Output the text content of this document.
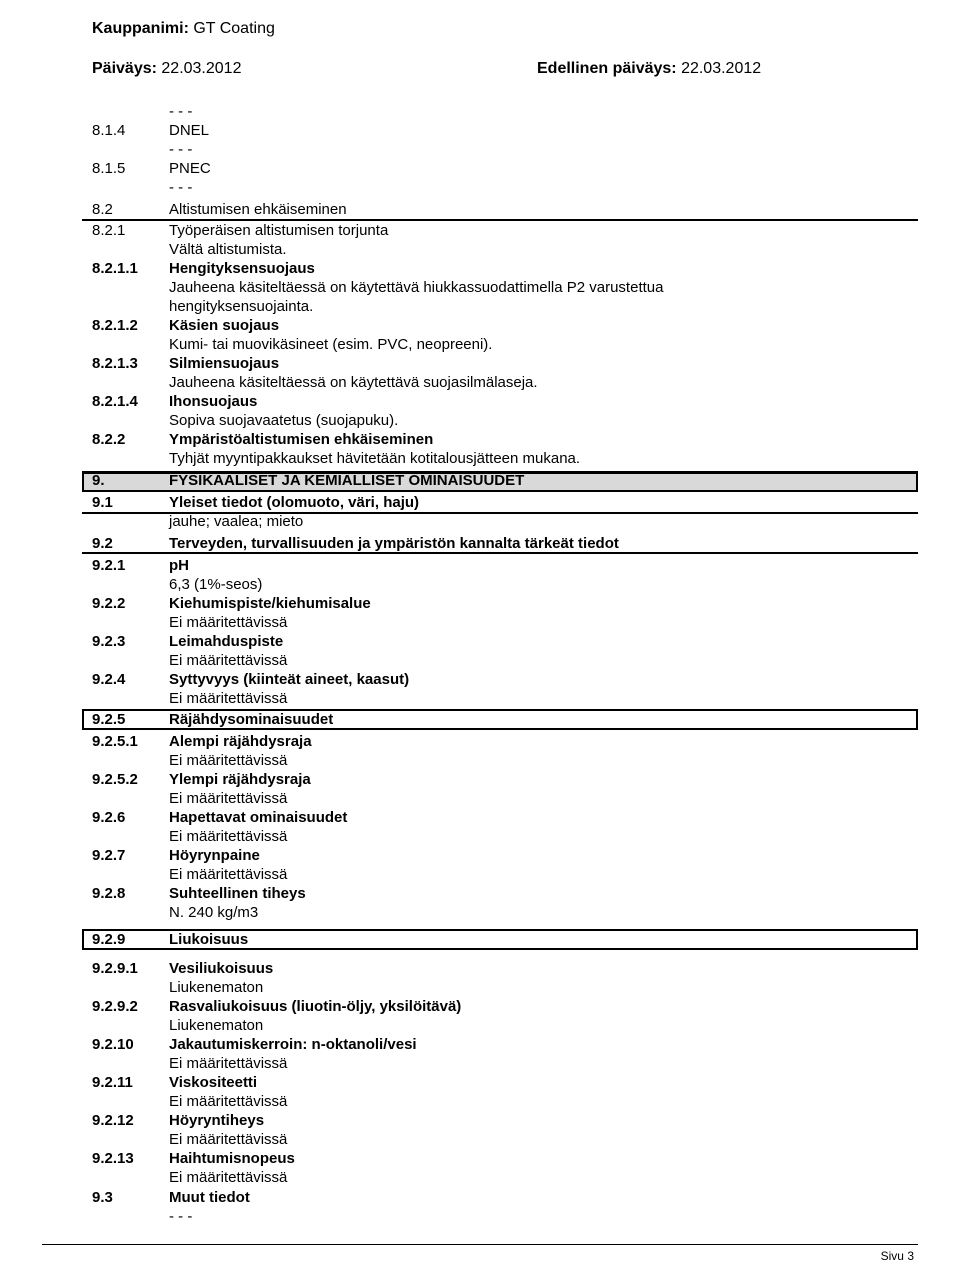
Kauppanimi: GT Coating
Päiväys: 22.03.2012	Edellinen päiväys: 22.03.2012
- - -
8.1.4	DNEL
- - -
8.1.5	PNEC
- - -
8.2	Altistumisen ehkäiseminen
8.2.1	Työperäisen altistumisen torjunta
Vältä altistumista.
8.2.1.1 Hengityksensuojaus
Jauheena käsiteltäessä on käytettävä hiukkassuodattimella P2 varustettua
hengityksensuojainta.
8.2.1.2 Käsien suojaus
Kumi- tai muovikäsineet (esim. PVC, neopreeni).
8.2.1.3 Silmiensuojaus
Jauheena käsiteltäessä on käytettävä suojasilmälaseja.
8.2.1.4 Ihonsuojaus
Sopiva suojavaatetus (suojapuku).
8.2.2	Ympäristöaltistumisen ehkäiseminen
Tyhjät myyntipakkaukset hävitetään kotitalousjätteen mukana.
9.	FYSIKAALISET JA KEMIALLISET OMINAISUUDET
9.1	Yleiset tiedot (olomuoto, väri, haju)
jauhe; vaalea; mieto
9.2	Terveyden, turvallisuuden ja ympäristön kannalta tärkeät tiedot
9.2.1	pH
6,3 (1%-seos)
9.2.2	Kiehumispiste/kiehumisalue
Ei määritettävissä
9.2.3	Leimahduspiste
Ei määritettävissä
9.2.4	Syttyvyys (kiinteät aineet, kaasut)
Ei määritettävissä
9.2.5	Räjähdysominaisuudet
9.2.5.1 Alempi räjähdysraja
Ei määritettävissä
9.2.5.2 Ylempi räjähdysraja
Ei määritettävissä
9.2.6	Hapettavat ominaisuudet
Ei määritettävissä
9.2.7	Höyrynpaine
Ei määritettävissä
9.2.8	Suhteellinen tiheys
N. 240 kg/m3
9.2.9	Liukoisuus
9.2.9.1 Vesiliukoisuus
Liukenematon
9.2.9.2 Rasvaliukoisuus (liuotin-öljy, yksilöitävä)
Liukenematon
9.2.10 Jakautumiskerroin: n-oktanoli/vesi
Ei määritettävissä
9.2.11 Viskositeetti
Ei määritettävissä
9.2.12 Höyryntiheys
Ei määritettävissä
9.2.13 Haihtumisnopeus
Ei määritettävissä
9.3	Muut tiedot
- - -
Sivu 3
